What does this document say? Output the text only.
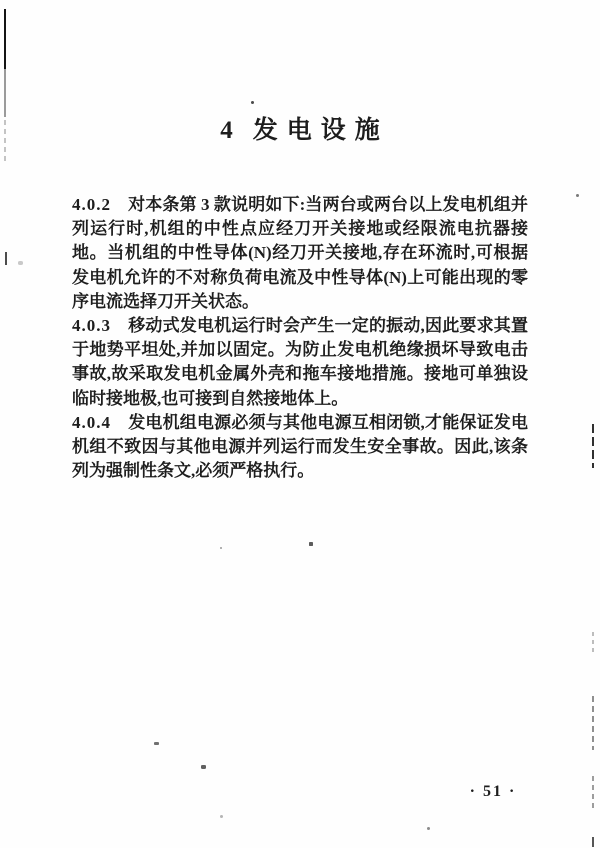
4 发电设施

4.0.2 对本条第 3 款说明如下:当两台或两台以上发电机组并列运行时,机组的中性点应经刀开关接地或经限流电抗器接地。当机组的中性导体(N)经刀开关接地,存在环流时,可根据发电机允许的不对称负荷电流及中性导体(N)上可能出现的零序电流选择刀开关状态。

4.0.3 移动式发电机运行时会产生一定的振动,因此要求其置于地势平坦处,并加以固定。为防止发电机绝缘损坏导致电击事故,故采取发电机金属外壳和拖车接地措施。接地可单独设临时接地极,也可接到自然接地体上。

4.0.4 发电机组电源必须与其他电源互相闭锁,才能保证发电机组不致因与其他电源并列运行而发生安全事故。因此,该条列为强制性条文,必须严格执行。

· 51 ·
